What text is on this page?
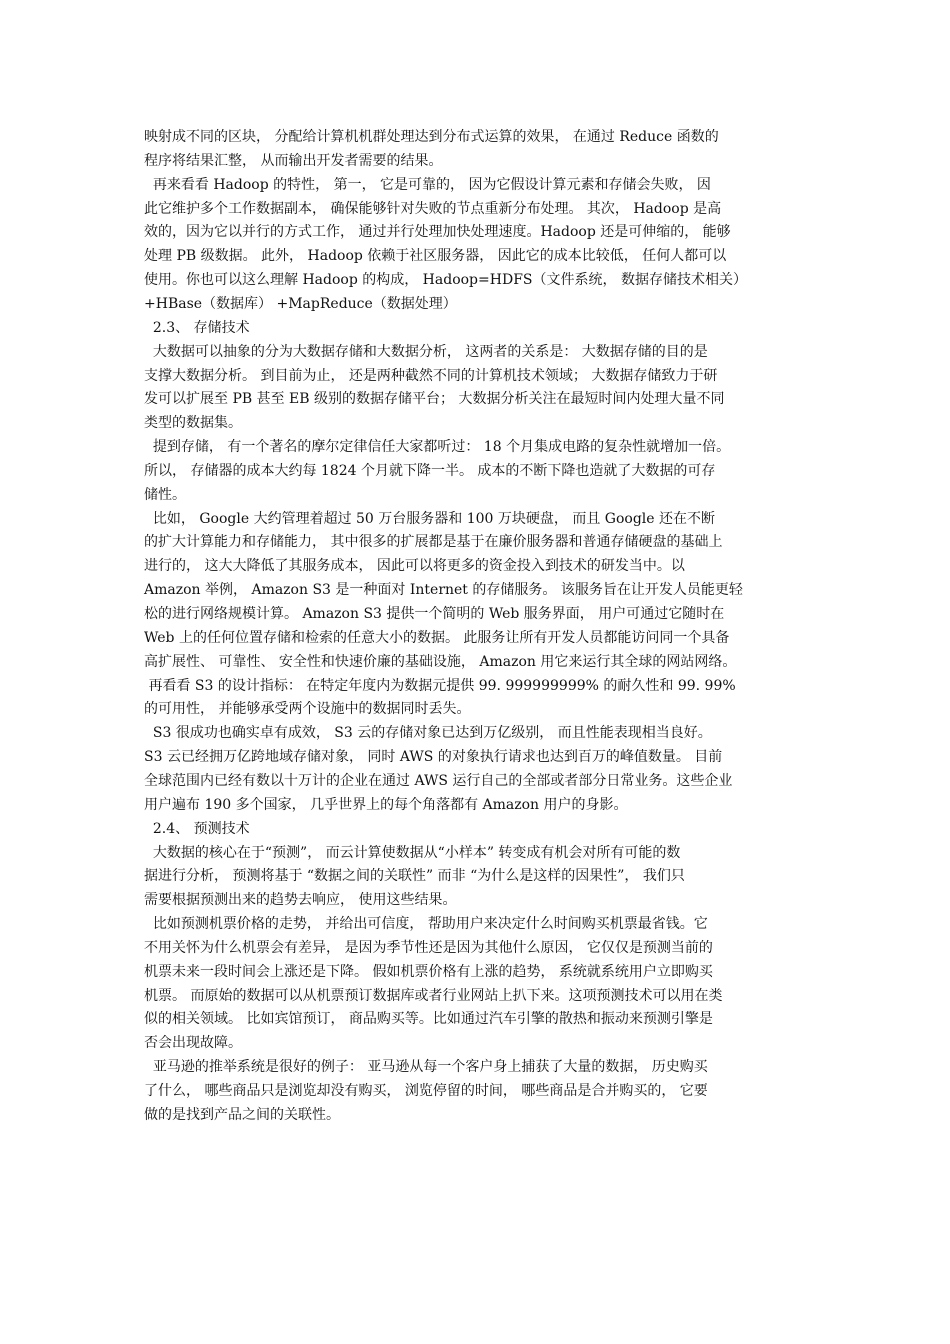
映射成不同的区块， 分配给计算机机群处理达到分布式运算的效果， 在通过 Reduce 函数的
程序将结果汇整， 从而输出开发者需要的结果。
再来看看 Hadoop 的特性， 第一， 它是可靠的， 因为它假设计算元素和存储会失败， 因
此它维护多个工作数据副本， 确保能够针对失败的节点重新分布处理。 其次， Hadoop 是高
效的，因为它以并行的方式工作， 通过并行处理加快处理速度。Hadoop 还是可伸缩的， 能够
处理 PB 级数据。 此外， Hadoop 依赖于社区服务器， 因此它的成本比较低， 任何人都可以
使用。你也可以这么理解 Hadoop 的构成， Hadoop=HDFS（文件系统， 数据存储技术相关）
+HBase（数据库） +MapReduce（数据处理）
2.3、 存储技术
大数据可以抽象的分为大数据存储和大数据分析， 这两者的关系是： 大数据存储的目的是
支撑大数据分析。 到目前为止， 还是两种截然不同的计算机技术领域； 大数据存储致力于研
发可以扩展至 PB 甚至 EB 级别的数据存储平台； 大数据分析关注在最短时间内处理大量不同
类型的数据集。
提到存储， 有一个著名的摩尔定律信任大家都听过： 18 个月集成电路的复杂性就增加一倍。
所以， 存储器的成本大约每 1824 个月就下降一半。 成本的不断下降也造就了大数据的可存
储性。
比如， Google 大约管理着超过 50 万台服务器和 100 万块硬盘， 而且 Google 还在不断
的扩大计算能力和存储能力， 其中很多的扩展都是基于在廉价服务器和普通存储硬盘的基础上
进行的， 这大大降低了其服务成本， 因此可以将更多的资金投入到技术的研发当中。以
Amazon 举例， Amazon S3 是一种面对 Internet 的存储服务。 该服务旨在让开发人员能更轻
松的进行网络规模计算。 Amazon S3 提供一个简明的 Web 服务界面， 用户可通过它随时在
Web 上的任何位置存储和检索的任意大小的数据。 此服务让所有开发人员都能访问同一个具备
高扩展性、 可靠性、 安全性和快速价廉的基础设施， Amazon 用它来运行其全球的网站网络。
再看看 S3 的设计指标： 在特定年度内为数据元提供 99. 999999999% 的耐久性和 99. 99%
的可用性， 并能够承受两个设施中的数据同时丢失。
S3 很成功也确实卓有成效， S3 云的存储对象已达到万亿级别， 而且性能表现相当良好。
S3 云已经拥万亿跨地域存储对象， 同时 AWS 的对象执行请求也达到百万的峰值数量。 目前
全球范围内已经有数以十万计的企业在通过 AWS 运行自己的全部或者部分日常业务。这些企业
用户遍布 190 多个国家， 几乎世界上的每个角落都有 Amazon 用户的身影。
2.4、 预测技术
大数据的核心在于“预测”， 而云计算使数据从“小样本” 转变成有机会对所有可能的数
据进行分析， 预测将基于 “数据之间的关联性” 而非 “为什么是这样的因果性”， 我们只
需要根据预测出来的趋势去响应， 使用这些结果。
比如预测机票价格的走势， 并给出可信度， 帮助用户来决定什么时间购买机票最省钱。它
不用关怀为什么机票会有差异， 是因为季节性还是因为其他什么原因， 它仅仅是预测当前的
机票未来一段时间会上涨还是下降。 假如机票价格有上涨的趋势， 系统就系统用户立即购买
机票。 而原始的数据可以从机票预订数据库或者行业网站上扒下来。这项预测技术可以用在类
似的相关领域。 比如宾馆预订， 商品购买等。比如通过汽车引擎的散热和振动来预测引擎是
否会出现故障。
亚马逊的推举系统是很好的例子： 亚马逊从每一个客户身上捕获了大量的数据， 历史购买
了什么， 哪些商品只是浏览却没有购买， 浏览停留的时间， 哪些商品是合并购买的， 它要
做的是找到产品之间的关联性。
